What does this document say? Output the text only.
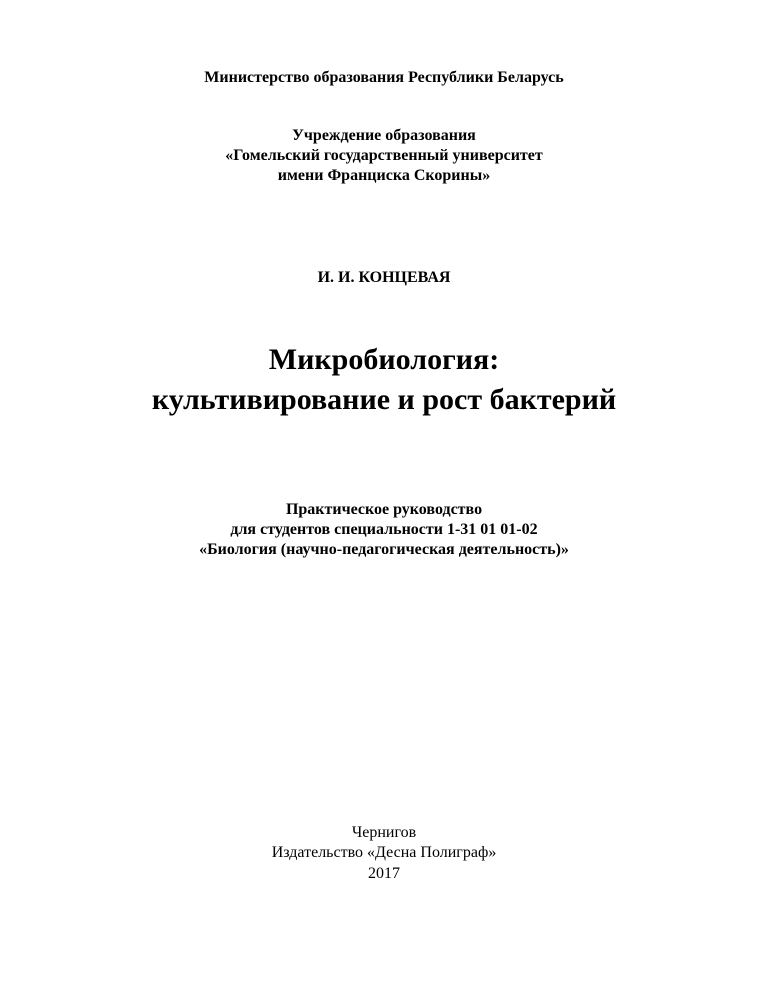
Министерство образования Республики Беларусь
Учреждение образования
«Гомельский государственный университет
имени Франциска Скорины»
И. И. КОНЦЕВАЯ
Микробиология:
культивирование и рост бактерий
Практическое руководство
для студентов специальности 1-31 01 01-02
«Биология (научно-педагогическая деятельность)»
Чернигов
Издательство «Десна Полиграф»
2017
